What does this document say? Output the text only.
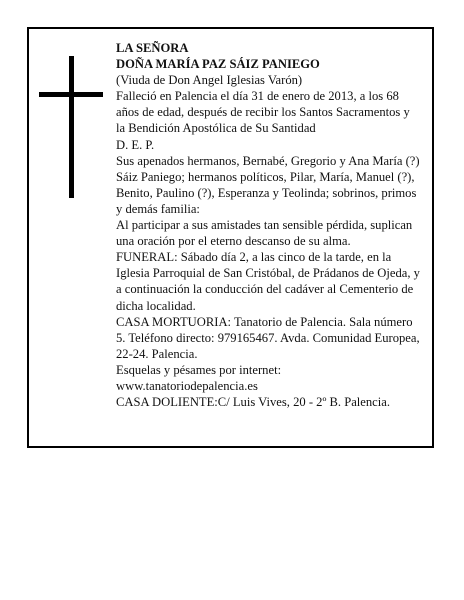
LA SEÑORA

DOÑA MARÍA PAZ SÁIZ PANIEGO

(Viuda de Don Angel Iglesias Varón)

Falleció en Palencia el día 31 de enero de 2013, a los 68 años de edad, después de recibir los Santos Sacramentos y la Bendición Apostólica de Su Santidad

D. E. P.

Sus apenados hermanos, Bernabé, Gregorio y Ana María (?) Sáiz Paniego; hermanos políticos, Pilar, María, Manuel (?), Benito, Paulino (?), Esperanza y Teolinda; sobrinos, primos y demás familia:

Al participar a sus amistades tan sensible pérdida, suplican una oración por el eterno descanso de su alma.

FUNERAL: Sábado día 2, a las cinco de la tarde, en la Iglesia Parroquial de San Cristóbal, de Prádanos de Ojeda, y a continuación la conducción del cadáver al Cementerio de dicha localidad.

CASA MORTUORIA: Tanatorio de Palencia. Sala número 5. Teléfono directo: 979165467. Avda. Comunidad Europea, 22-24. Palencia.

Esquelas y pésames por internet:

www.tanatoriodepalencia.es

CASA DOLIENTE:C/ Luis Vives, 20 - 2º B. Palencia.
